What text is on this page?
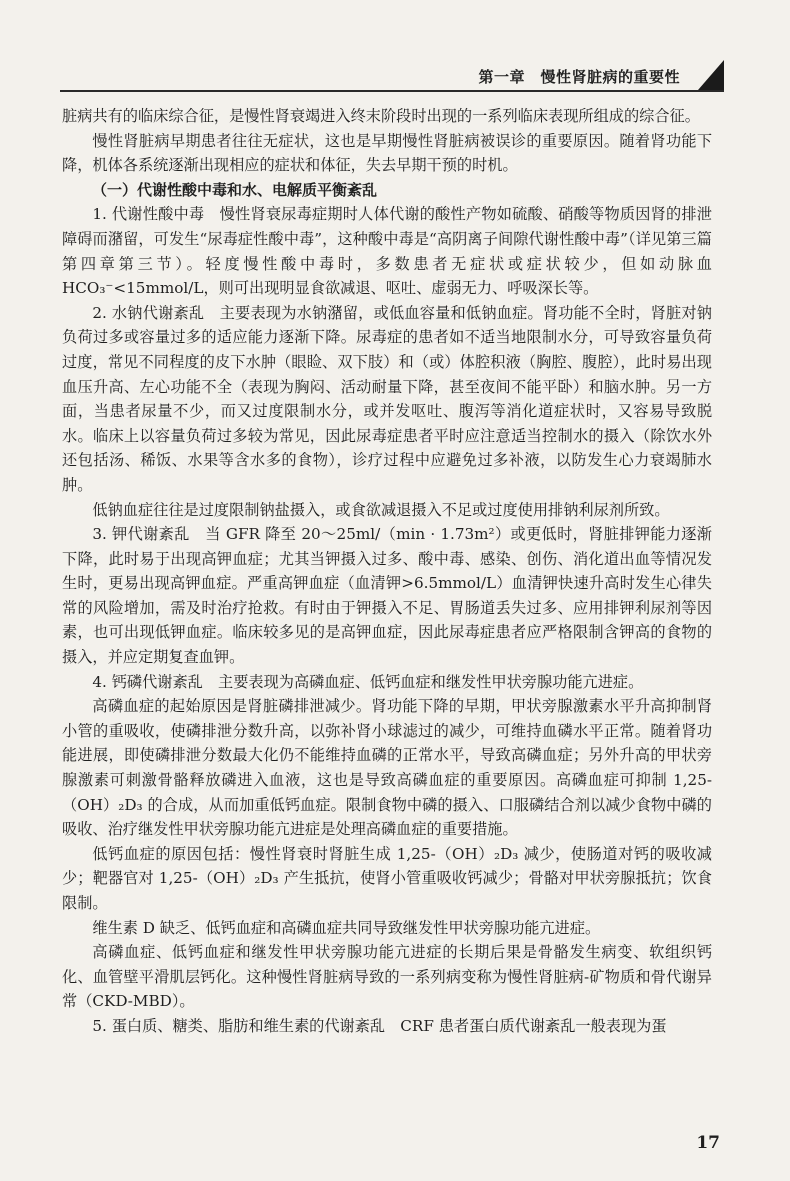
第一章　慢性肾脏病的重要性

脏病共有的临床综合征，是慢性肾衰竭进入终末阶段时出现的一系列临床表现所组成的综合征。

慢性肾脏病早期患者往往无症状，这也是早期慢性肾脏病被误诊的重要原因。随着肾功能下降，机体各系统逐渐出现相应的症状和体征，失去早期干预的时机。

（一）代谢性酸中毒和水、电解质平衡紊乱

1. 代谢性酸中毒　慢性肾衰尿毒症期时人体代谢的酸性产物如硫酸、硝酸等物质因肾的排泄障碍而潴留，可发生“尿毒症性酸中毒”，这种酸中毒是“高阴离子间隙代谢性酸中毒”（详见第三篇第四章第三节）。轻度慢性酸中毒时，多数患者无症状或症状较少，但如动脉血 HCO₃⁻<15mmol/L，则可出现明显食欲减退、呕吐、虚弱无力、呼吸深长等。

2. 水钠代谢紊乱　主要表现为水钠潴留，或低血容量和低钠血症。肾功能不全时，肾脏对钠负荷过多或容量过多的适应能力逐渐下降。尿毒症的患者如不适当地限制水分，可导致容量负荷过度，常见不同程度的皮下水肿（眼睑、双下肢）和（或）体腔积液（胸腔、腹腔），此时易出现血压升高、左心功能不全（表现为胸闷、活动耐量下降，甚至夜间不能平卧）和脑水肿。另一方面，当患者尿量不少，而又过度限制水分，或并发呕吐、腹泻等消化道症状时，又容易导致脱水。临床上以容量负荷过多较为常见，因此尿毒症患者平时应注意适当控制水的摄入（除饮水外还包括汤、稀饭、水果等含水多的食物），诊疗过程中应避免过多补液，以防发生心力衰竭肺水肿。

低钠血症往往是过度限制钠盐摄入，或食欲减退摄入不足或过度使用排钠利尿剂所致。

3. 钾代谢紊乱　当 GFR 降至 20～25ml/（min · 1.73m²）或更低时，肾脏排钾能力逐渐下降，此时易于出现高钾血症；尤其当钾摄入过多、酸中毒、感染、创伤、消化道出血等情况发生时，更易出现高钾血症。严重高钾血症（血清钾>6.5mmol/L）血清钾快速升高时发生心律失常的风险增加，需及时治疗抢救。有时由于钾摄入不足、胃肠道丢失过多、应用排钾利尿剂等因素，也可出现低钾血症。临床较多见的是高钾血症，因此尿毒症患者应严格限制含钾高的食物的摄入，并应定期复查血钾。

4. 钙磷代谢紊乱　主要表现为高磷血症、低钙血症和继发性甲状旁腺功能亢进症。

高磷血症的起始原因是肾脏磷排泄减少。肾功能下降的早期，甲状旁腺激素水平升高抑制肾小管的重吸收，使磷排泄分数升高，以弥补肾小球滤过的减少，可维持血磷水平正常。随着肾功能进展，即使磷排泄分数最大化仍不能维持血磷的正常水平，导致高磷血症；另外升高的甲状旁腺激素可刺激骨骼释放磷进入血液，这也是导致高磷血症的重要原因。高磷血症可抑制 1,25-（OH）₂D₃ 的合成，从而加重低钙血症。限制食物中磷的摄入、口服磷结合剂以减少食物中磷的吸收、治疗继发性甲状旁腺功能亢进症是处理高磷血症的重要措施。

低钙血症的原因包括：慢性肾衰时肾脏生成 1,25-（OH）₂D₃ 减少，使肠道对钙的吸收减少；靶器官对 1,25-（OH）₂D₃ 产生抵抗，使肾小管重吸收钙减少；骨骼对甲状旁腺抵抗；饮食限制。

维生素 D 缺乏、低钙血症和高磷血症共同导致继发性甲状旁腺功能亢进症。

高磷血症、低钙血症和继发性甲状旁腺功能亢进症的长期后果是骨骼发生病变、软组织钙化、血管壁平滑肌层钙化。这种慢性肾脏病导致的一系列病变称为慢性肾脏病-矿物质和骨代谢异常（CKD-MBD）。

5. 蛋白质、糖类、脂肪和维生素的代谢紊乱　CRF 患者蛋白质代谢紊乱一般表现为蛋

17
